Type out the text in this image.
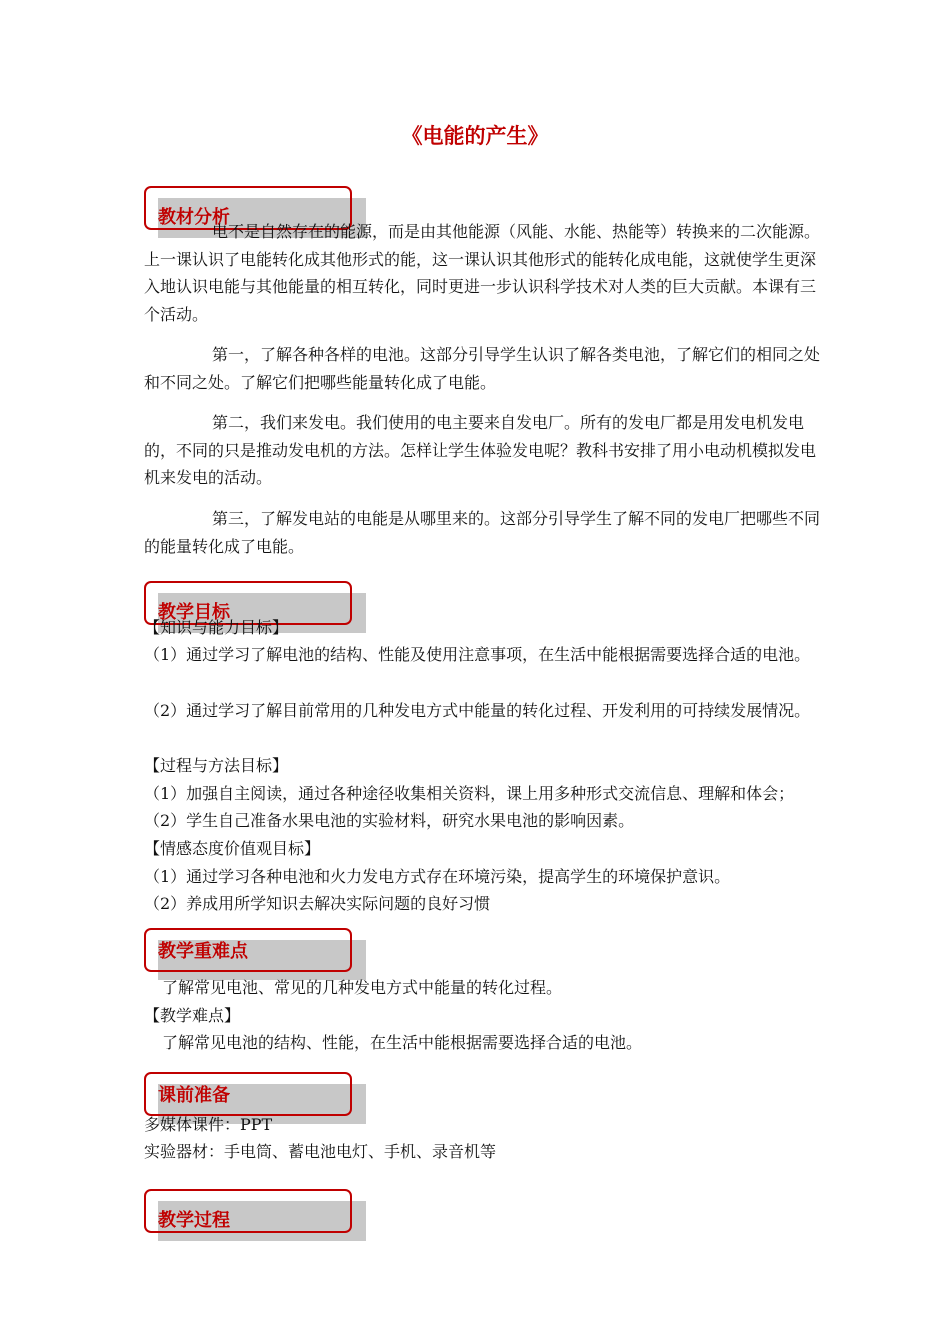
《电能的产生》
教材分析

电不是自然存在的能源，而是由其他能源（风能、水能、热能等）转换来的二次能源。上一课认识了电能转化成其他形式的能，这一课认识其他形式的能转化成电能，这就使学生更深入地认识电能与其他能量的相互转化，同时更进一步认识科学技术对人类的巨大贡献。本课有三个活动。

第一，了解各种各样的电池。这部分引导学生认识了解各类电池，了解它们的相同之处和不同之处。了解它们把哪些能量转化成了电能。

第二，我们来发电。我们使用的电主要来自发电厂。所有的发电厂都是用发电机发电的，不同的只是推动发电机的方法。怎样让学生体验发电呢？教科书安排了用小电动机模拟发电机来发电的活动。

第三，了解发电站的电能是从哪里来的。这部分引导学生了解不同的发电厂把哪些不同的能量转化成了电能。

教学目标

【知识与能力目标】

（1）通过学习了解电池的结构、性能及使用注意事项，在生活中能根据需要选择合适的电池。

（2）通过学习了解目前常用的几种发电方式中能量的转化过程、开发利用的可持续发展情况。

【过程与方法目标】

（1）加强自主阅读，通过各种途径收集相关资料，课上用多种形式交流信息、理解和体会；

（2）学生自己准备水果电池的实验材料，研究水果电池的影响因素。

【情感态度价值观目标】

（1）通过学习各种电池和火力发电方式存在环境污染，提高学生的环境保护意识。

（2）养成用所学知识去解决实际问题的良好习惯

教学重难点

了解常见电池、常见的几种发电方式中能量的转化过程。

【教学难点】

了解常见电池的结构、性能，在生活中能根据需要选择合适的电池。

课前准备

多媒体课件：PPT

实验器材：手电筒、蓄电池电灯、手机、录音机等

教学过程
